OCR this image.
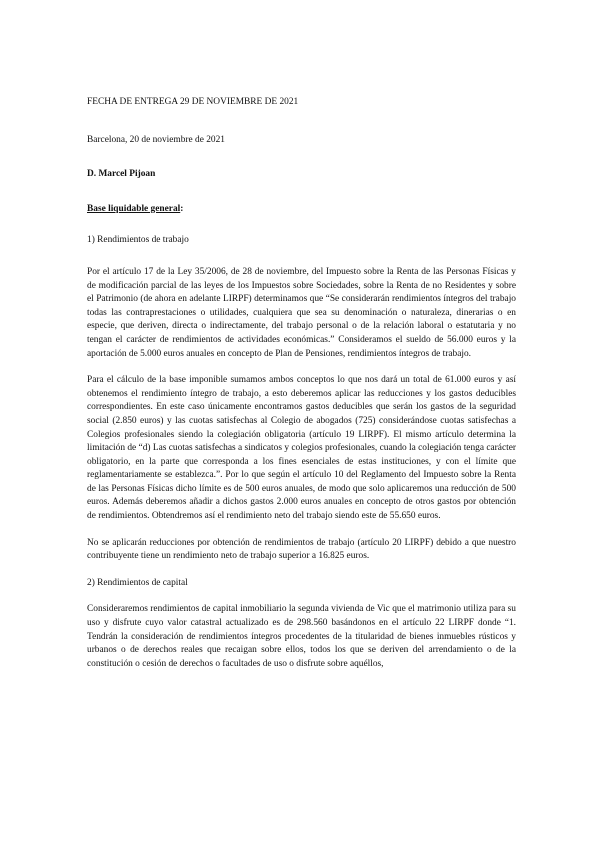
FECHA DE ENTREGA 29 DE NOVIEMBRE DE 2021
Barcelona, 20 de noviembre de 2021
D. Marcel Pijoan
Base liquidable general:
1) Rendimientos de trabajo

Por el artículo 17 de la Ley 35/2006, de 28 de noviembre, del Impuesto sobre la Renta de las Personas Físicas y de modificación parcial de las leyes de los Impuestos sobre Sociedades, sobre la Renta de no Residentes y sobre el Patrimonio (de ahora en adelante LIRPF) determinamos que “Se considerarán rendimientos íntegros del trabajo todas las contraprestaciones o utilidades, cualquiera que sea su denominación o naturaleza, dinerarias o en especie, que deriven, directa o indirectamente, del trabajo personal o de la relación laboral o estatutaria y no tengan el carácter de rendimientos de actividades económicas.” Consideramos el sueldo de 56.000 euros y la aportación de 5.000 euros anuales en concepto de Plan de Pensiones, rendimientos íntegros de trabajo.

Para el cálculo de la base imponible sumamos ambos conceptos lo que nos dará un total de 61.000 euros y así obtenemos el rendimiento íntegro de trabajo, a esto deberemos aplicar las reducciones y los gastos deducibles correspondientes. En este caso únicamente encontramos gastos deducibles que serán los gastos de la seguridad social (2.850 euros) y las cuotas satisfechas al Colegio de abogados (725) considerándose cuotas satisfechas a Colegios profesionales siendo la colegiación obligatoria (artículo 19 LIRPF). El mismo artículo determina la limitación de “d) Las cuotas satisfechas a sindicatos y colegios profesionales, cuando la colegiación tenga carácter obligatorio, en la parte que corresponda a los fines esenciales de estas instituciones, y con el límite que reglamentariamente se establezca.”. Por lo que según el artículo 10 del Reglamento del Impuesto sobre la Renta de las Personas Físicas dicho límite es de 500 euros anuales, de modo que solo aplicaremos una reducción de 500 euros. Además deberemos añadir a dichos gastos 2.000 euros anuales en concepto de otros gastos por obtención de rendimientos. Obtendremos así el rendimiento neto del trabajo siendo este de 55.650 euros.

No se aplicarán reducciones por obtención de rendimientos de trabajo (artículo 20 LIRPF) debido a que nuestro contribuyente tiene un rendimiento neto de trabajo superior a 16.825 euros.

2) Rendimientos de capital

Consideraremos rendimientos de capital inmobiliario la segunda vivienda de Vic que el matrimonio utiliza para su uso y disfrute cuyo valor catastral actualizado es de 298.560 basándonos en el artículo 22 LIRPF donde “1. Tendrán la consideración de rendimientos íntegros procedentes de la titularidad de bienes inmuebles rústicos y urbanos o de derechos reales que recaigan sobre ellos, todos los que se deriven del arrendamiento o de la constitución o cesión de derechos o facultades de uso o disfrute sobre aquéllos,
